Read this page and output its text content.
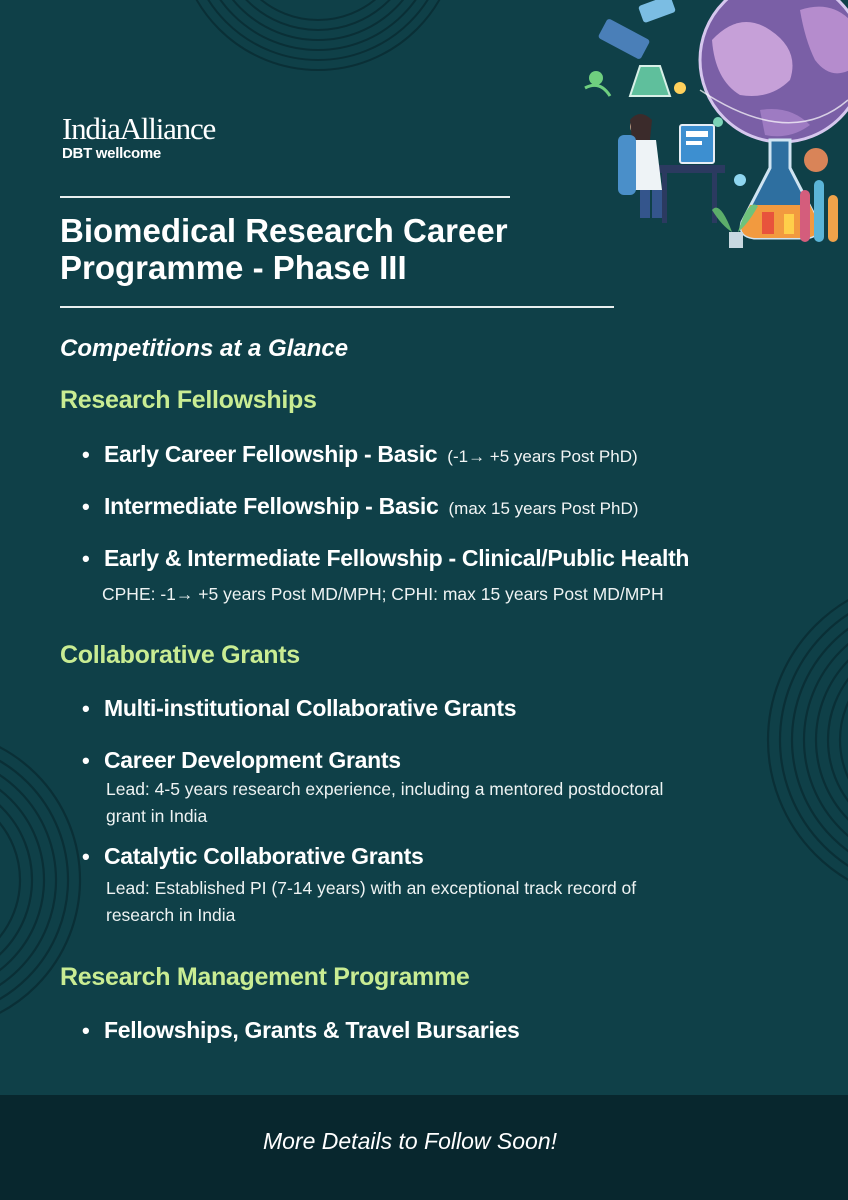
IndiaAlliance
DBT wellcome
Biomedical Research Career
Programme - Phase III
Competitions at a Glance
Research Fellowships
• Early Career Fellowship - Basic (-1→ +5 years Post PhD)
• Intermediate Fellowship - Basic (max 15 years Post PhD)
• Early & Intermediate Fellowship - Clinical/Public Health
CPHE: -1→ +5 years Post MD/MPH; CPHI: max 15 years Post MD/MPH
Collaborative Grants
• Multi-institutional Collaborative Grants
• Career Development Grants
Lead: 4-5 years research experience, including a mentored postdoctoral
grant in India
• Catalytic Collaborative Grants
Lead: Established PI (7-14 years) with an exceptional track record of
research in India
Research Management Programme
• Fellowships, Grants & Travel Bursaries
More Details to Follow Soon!
